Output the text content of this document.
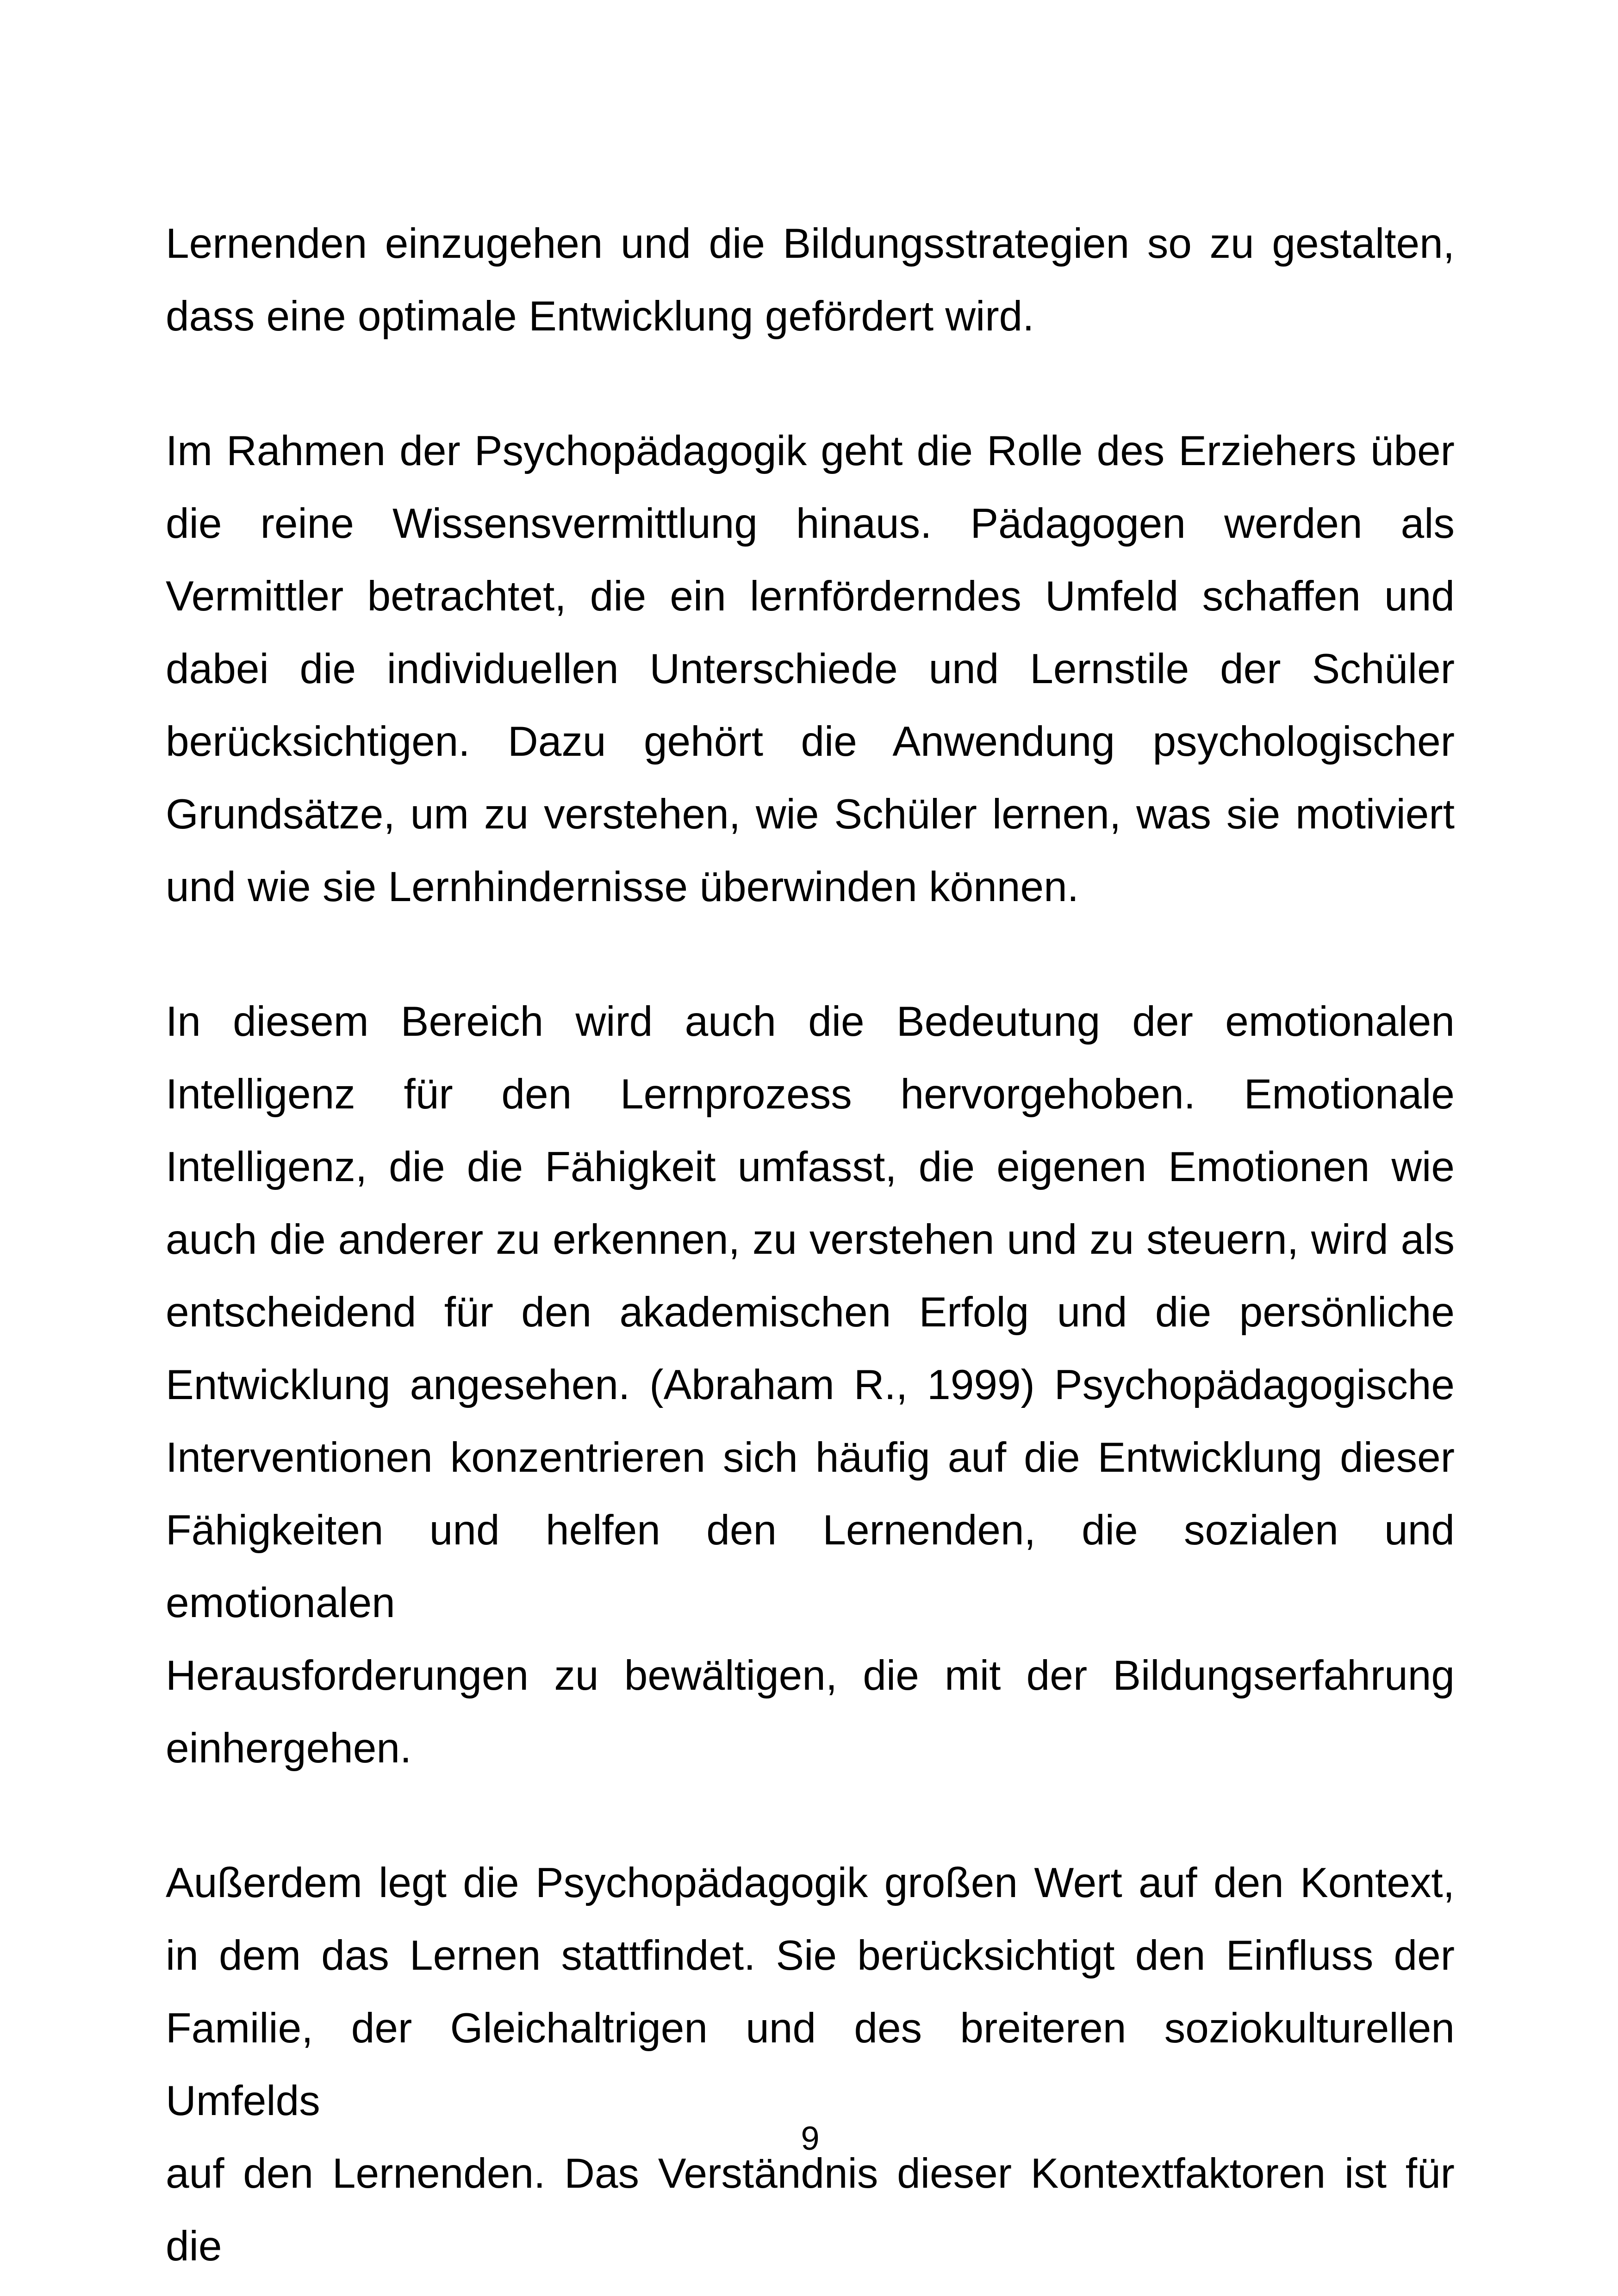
Lernenden einzugehen und die Bildungsstrategien so zu gestalten,
dass eine optimale Entwicklung gefördert wird.
Im Rahmen der Psychopädagogik geht die Rolle des Erziehers über
die reine Wissensvermittlung hinaus. Pädagogen werden als
Vermittler betrachtet, die ein lernförderndes Umfeld schaffen und
dabei die individuellen Unterschiede und Lernstile der Schüler
berücksichtigen. Dazu gehört die Anwendung psychologischer
Grundsätze, um zu verstehen, wie Schüler lernen, was sie motiviert
und wie sie Lernhindernisse überwinden können.
In diesem Bereich wird auch die Bedeutung der emotionalen
Intelligenz für den Lernprozess hervorgehoben. Emotionale
Intelligenz, die die Fähigkeit umfasst, die eigenen Emotionen wie
auch die anderer zu erkennen, zu verstehen und zu steuern, wird als
entscheidend für den akademischen Erfolg und die persönliche
Entwicklung angesehen. (Abraham R., 1999) Psychopädagogische
Interventionen konzentrieren sich häufig auf die Entwicklung dieser
Fähigkeiten und helfen den Lernenden, die sozialen und emotionalen
Herausforderungen zu bewältigen, die mit der Bildungserfahrung
einhergehen.
Außerdem legt die Psychopädagogik großen Wert auf den Kontext,
in dem das Lernen stattfindet. Sie berücksichtigt den Einfluss der
Familie, der Gleichaltrigen und des breiteren soziokulturellen Umfelds
auf den Lernenden. Das Verständnis dieser Kontextfaktoren ist für die
9
